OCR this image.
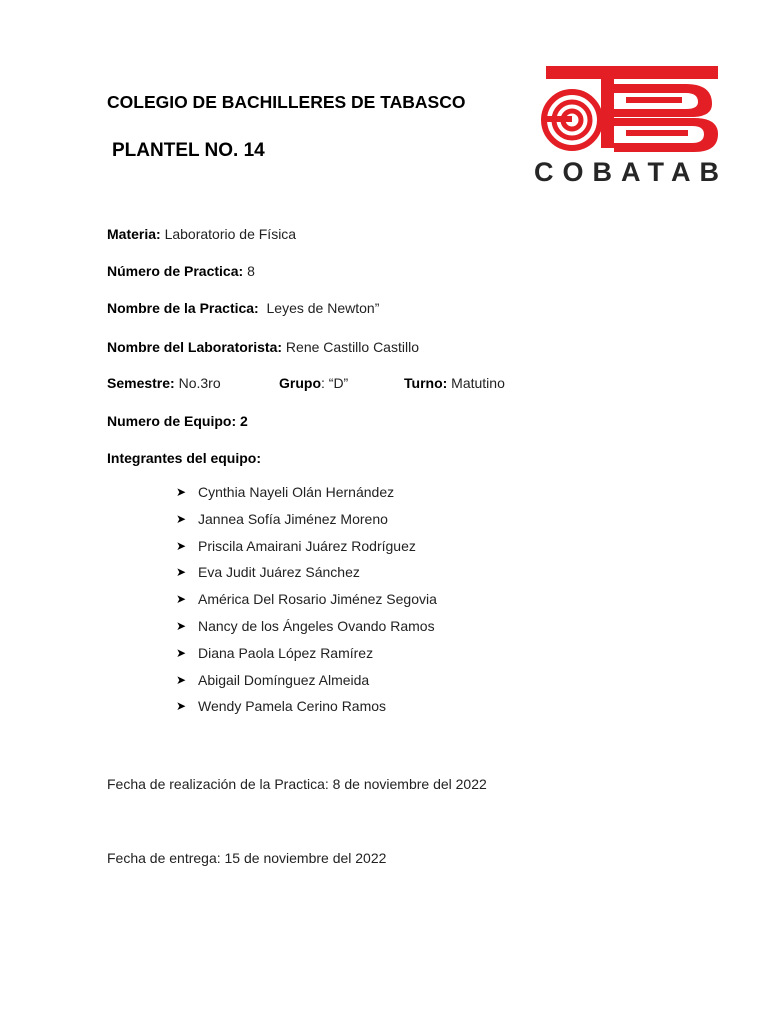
COLEGIO DE BACHILLERES DE TABASCO
PLANTEL NO. 14
COBATAB
Materia: Laboratorio de Física
Número de Practica: 8
Nombre de la Practica: Leyes de Newton”
Nombre del Laboratorista: Rene Castillo Castillo
Semestre: No.3ro	Grupo: “D”	Turno: Matutino
Numero de Equipo: 2
Integrantes del equipo:
➤ Cynthia Nayeli Olán Hernández
➤ Jannea Sofía Jiménez Moreno
➤ Priscila Amairani Juárez Rodríguez
➤ Eva Judit Juárez Sánchez
➤ América Del Rosario Jiménez Segovia
➤ Nancy de los Ángeles Ovando Ramos
➤ Diana Paola López Ramírez
➤ Abigail Domínguez Almeida
➤ Wendy Pamela Cerino Ramos
Fecha de realización de la Practica: 8 de noviembre del 2022
Fecha de entrega: 15 de noviembre del 2022
